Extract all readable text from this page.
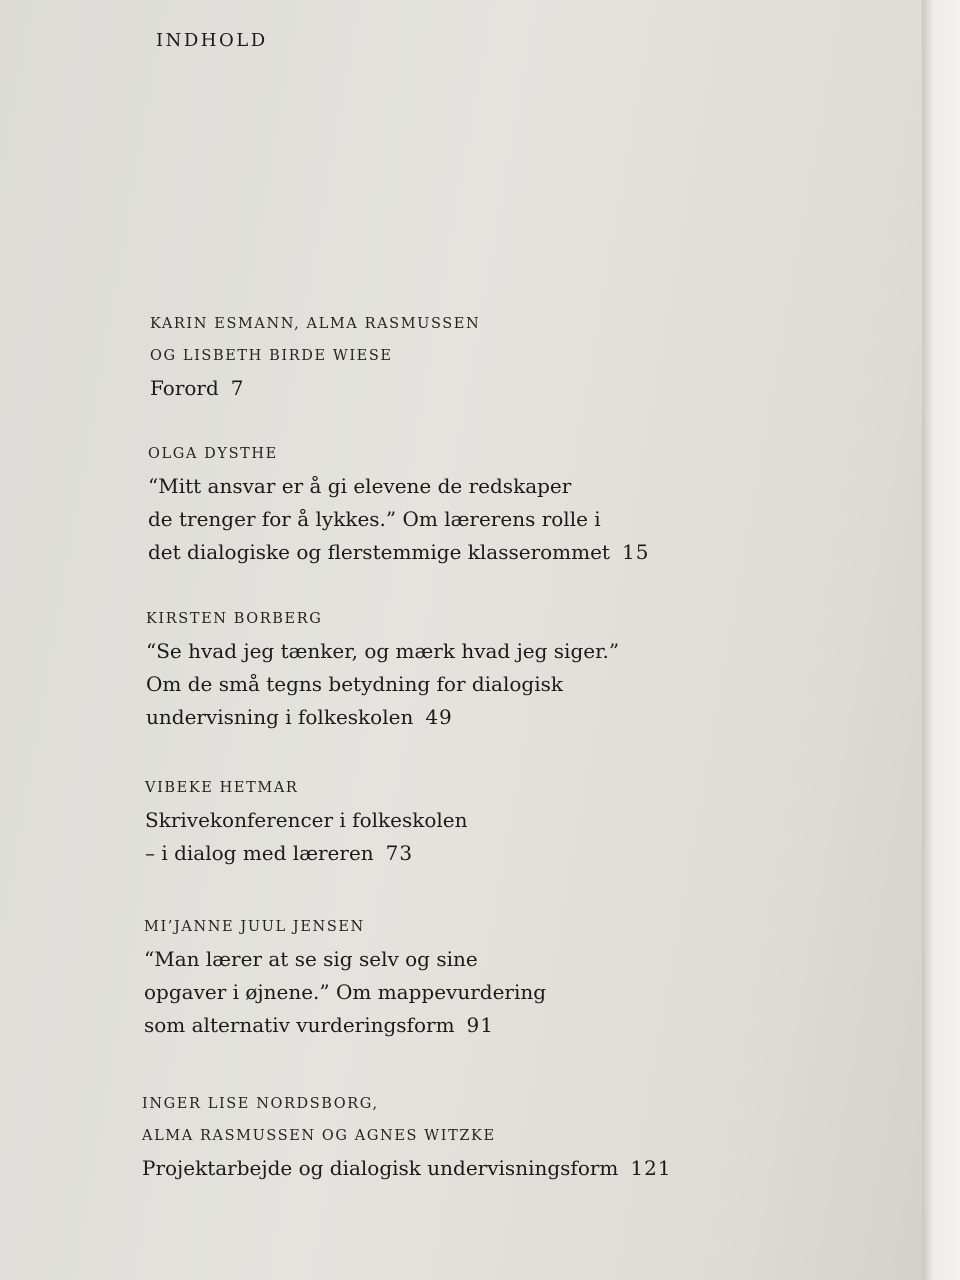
INDHOLD
KARIN ESMANN, ALMA RASMUSSEN
OG LISBETH BIRDE WIESE
Forord 7
OLGA DYSTHE
“Mitt ansvar er å gi elevene de redskaper
de trenger for å lykkes.” Om lærerens rolle i
det dialogiske og flerstemmige klasserommet 15
KIRSTEN BORBERG
“Se hvad jeg tænker, og mærk hvad jeg siger.”
Om de små tegns betydning for dialogisk
undervisning i folkeskolen 49
VIBEKE HETMAR
Skrivekonferencer i folkeskolen
– i dialog med læreren 73
MI’JANNE JUUL JENSEN
“Man lærer at se sig selv og sine
opgaver i øjnene.” Om mappevurdering
som alternativ vurderingsform 91
INGER LISE NORDSBORG,
ALMA RASMUSSEN OG AGNES WITZKE
Projektarbejde og dialogisk undervisningsform 121
